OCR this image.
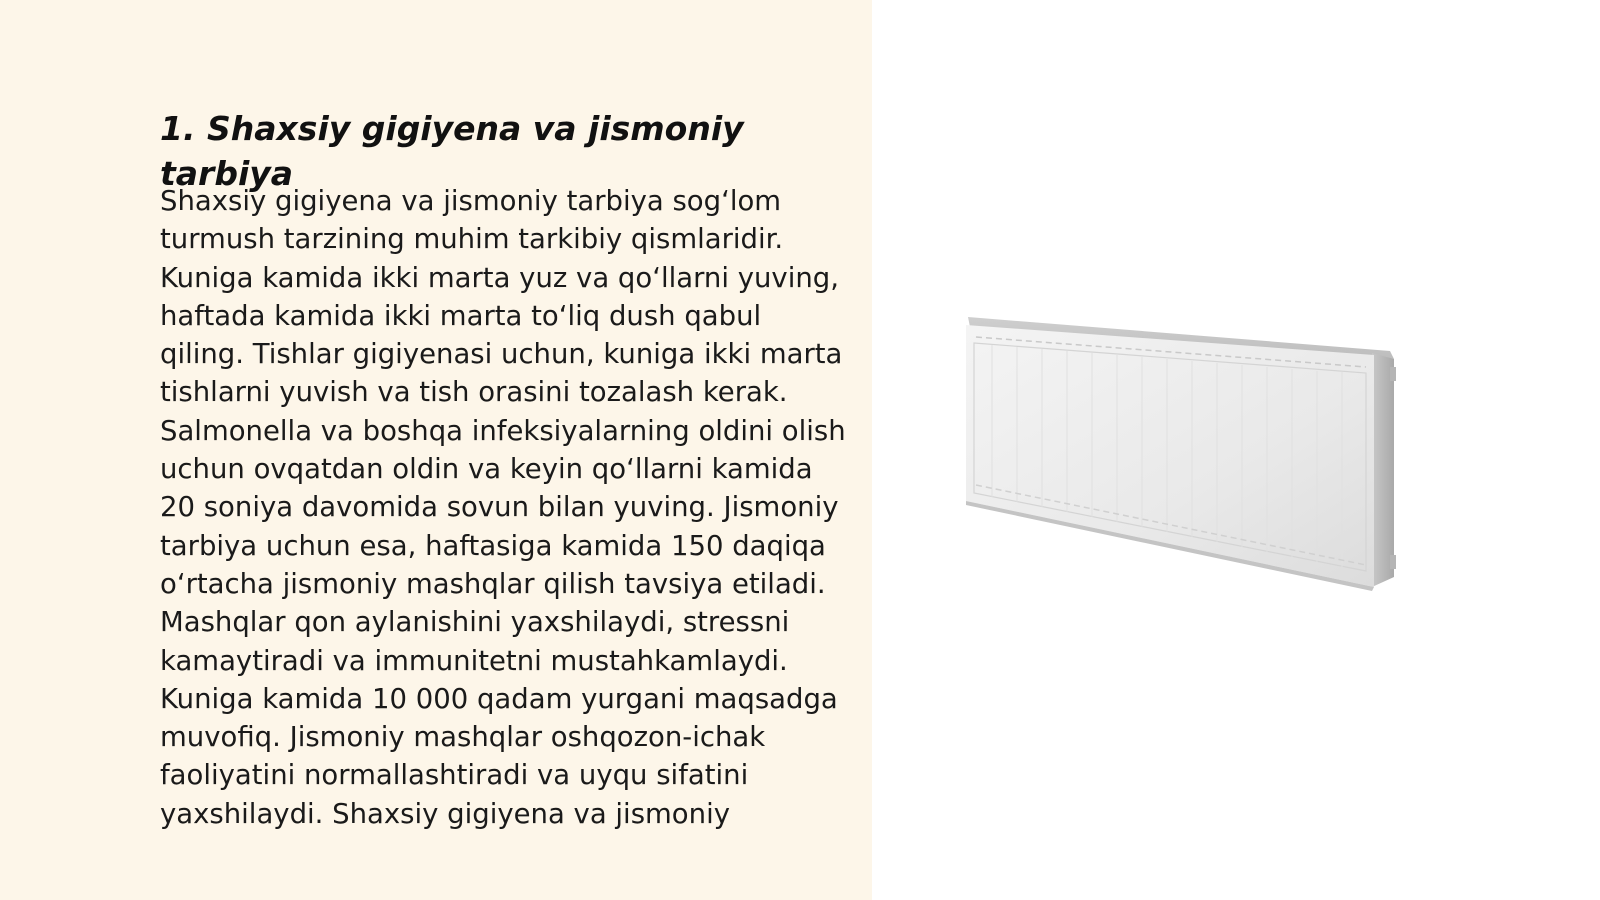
1. Shaxsiy gigiyena va jismoniy tarbiya

Shaxsiy gigiyena va jismoniy tarbiya sog‘lom turmush tarzining muhim tarkibiy qismlaridir. Kuniga kamida ikki marta yuz va qo‘llarni yuving, haftada kamida ikki marta to‘liq dush qabul qiling. Tishlar gigiyenasi uchun, kuniga ikki marta tishlarni yuvish va tish orasini tozalash kerak. Salmonella va boshqa infeksiyalarning oldini olish uchun ovqatdan oldin va keyin qo‘llarni kamida 20 soniya davomida sovun bilan yuving. Jismoniy tarbiya uchun esa, haftasiga kamida 150 daqiqa o‘rtacha jismoniy mashqlar qilish tavsiya etiladi. Mashqlar qon aylanishini yaxshilaydi, stressni kamaytiradi va immunitetni mustahkamlaydi. Kuniga kamida 10 000 qadam yurgani maqsadga muvofiq. Jismoniy mashqlar oshqozon-ichak faoliyatini normallashtiradi va uyqu sifatini yaxshilaydi. Shaxsiy gigiyena va jismoniy
